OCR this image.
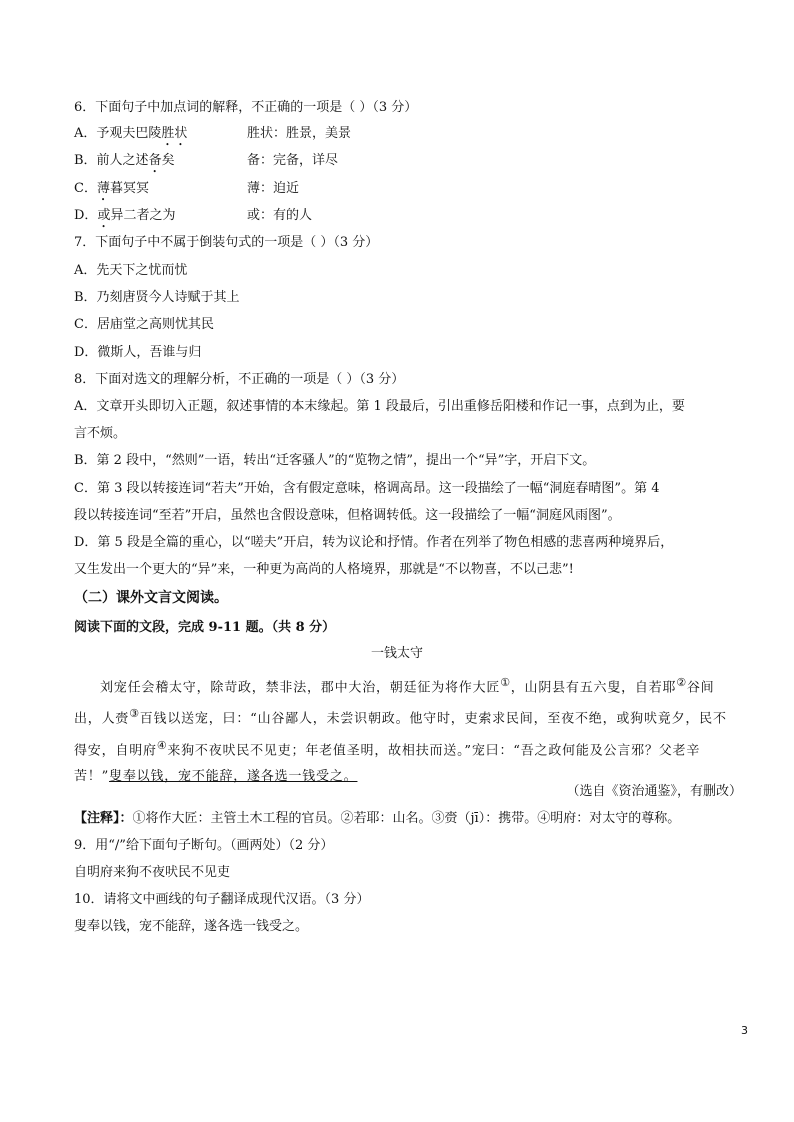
6．下面句子中加点词的解释，不正确的一项是（ ）（3 分）
A．予观夫巴陵胜状	胜状：胜景，美景
B．前人之述备矣	备：完备，详尽
C．薄暮冥冥	薄：迫近
D．或异二者之为	或：有的人
7．下面句子中不属于倒装句式的一项是（ ）（3 分）
A．先天下之忧而忧
B．乃刻唐贤今人诗赋于其上
C．居庙堂之高则忧其民
D．微斯人，吾谁与归
8．下面对选文的理解分析，不正确的一项是（ ）（3 分）
A．文章开头即切入正题，叙述事情的本末缘起。第 1 段最后，引出重修岳阳楼和作记一事，点到为止，要
言不烦。
B．第 2 段中，“然则”一语，转出“迁客骚人”的“览物之情”，提出一个“异”字，开启下文。
C．第 3 段以转接连词“若夫”开始，含有假定意味，格调高昂。这一段描绘了一幅“洞庭春晴图”。第 4
段以转接连词“至若”开启，虽然也含假设意味，但格调转低。这一段描绘了一幅“洞庭风雨图”。
D．第 5 段是全篇的重心，以“嗟夫”开启，转为议论和抒情。作者在列举了物色相感的悲喜两种境界后，
又生发出一个更大的“异”来，一种更为高尚的人格境界，那就是“不以物喜，不以己悲”!
（二）课外文言文阅读。
阅读下面的文段，完成 9-11 题。（共 8 分）
一钱太守
刘宠任会稽太守，除苛政，禁非法，郡中大治，朝廷征为将作大匠①，山阴县有五六叟，自若耶②谷间出，人赍③百钱以送宠，曰：“山谷鄙人，未尝识朝政。他守时，吏索求民间，至夜不绝，或狗吠竟夕，民不得安，自明府④来狗不夜吠民不见吏；年老值圣明，故相扶而送。”宠曰：“吾之政何能及公言邪？父老辛苦！”叟奉以钱，宠不能辞，遂各选一钱受之。
（选自《资治通鉴》，有删改）
【注释】：①将作大匠：主管土木工程的官员。②若耶：山名。③赍（jī）：携带。④明府：对太守的尊称。
9．用“/”给下面句子断句。（画两处）（2 分）
自明府来狗不夜吠民不见吏
10．请将文中画线的句子翻译成现代汉语。（3 分）
叟奉以钱，宠不能辞，遂各选一钱受之。
3
